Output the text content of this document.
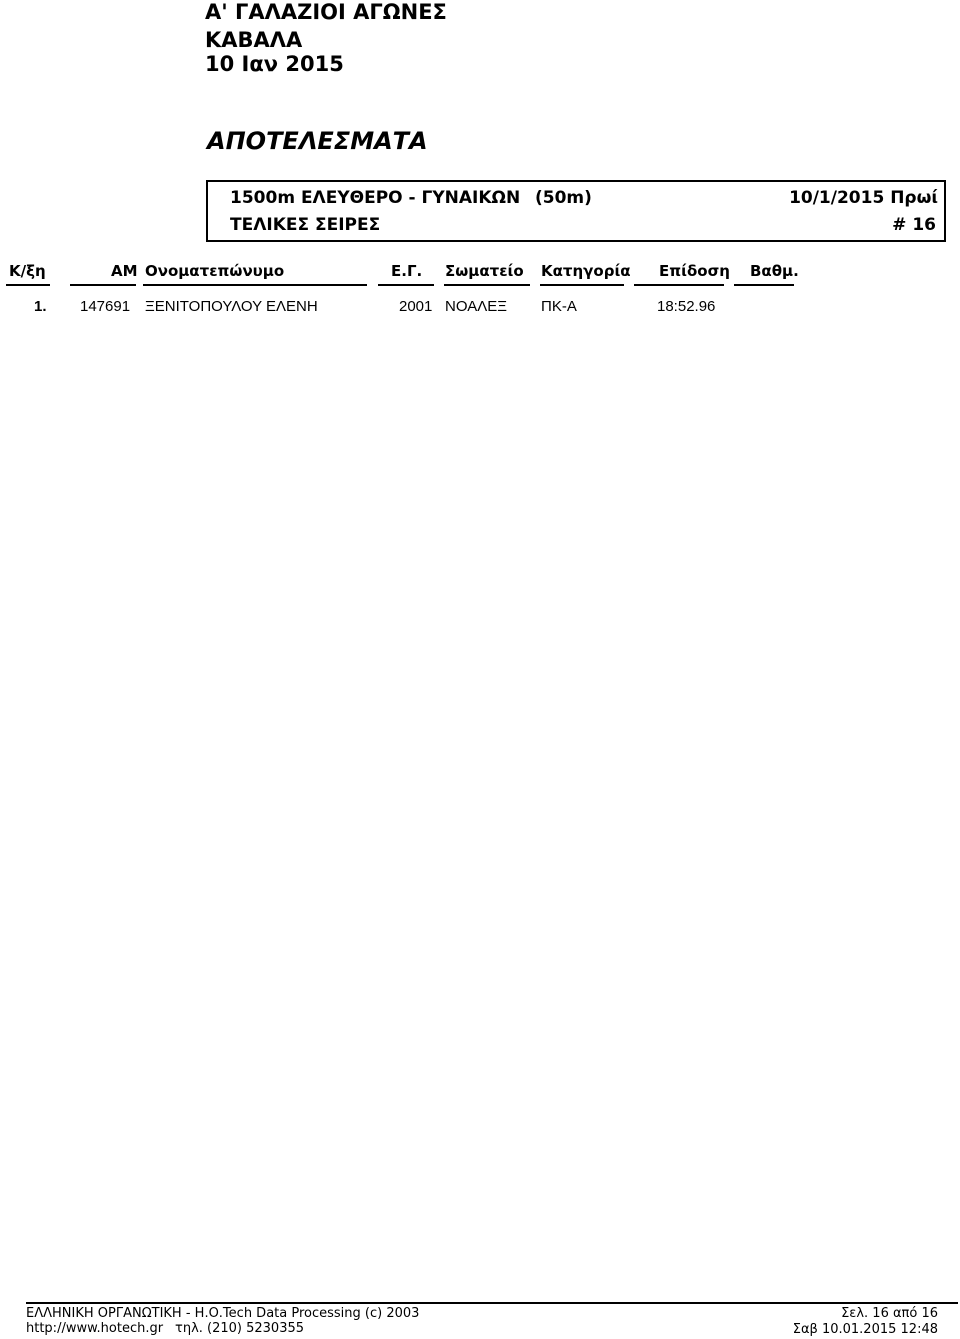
Α' ΓΑΛΑΖΙΟΙ ΑΓΩΝΕΣ
ΚΑΒΑΛΑ
10 Ιαν 2015
ΑΠΟΤΕΛΕΣΜΑΤΑ
1500m ΕΛΕΥΘΕΡΟ - ΓΥΝΑΙΚΩΝ (50m)	10/1/2015 Πρωί
ΤΕΛΙΚΕΣ ΣΕΙΡΕΣ	# 16
Κ/ξη	ΑΜ Ονοματεπώνυμο	Ε.Γ. Σωματείο Κατηγορία Επίδοση Βαθμ.
1. 147691 ΞΕΝΙΤΟΠΟΥΛΟΥ ΕΛΕΝΗ	2001 ΝΟΑΛΕΞ ΠΚ-Α	18:52.96
ΕΛΛΗΝΙΚΗ ΟΡΓΑΝΩΤΙΚΗ - Η.Ο.Tech Data Processing (c) 2003
http://www.hotech.gr τηλ. (210) 5230355
Σελ. 16 από 16
Σαβ 10.01.2015 12:48
